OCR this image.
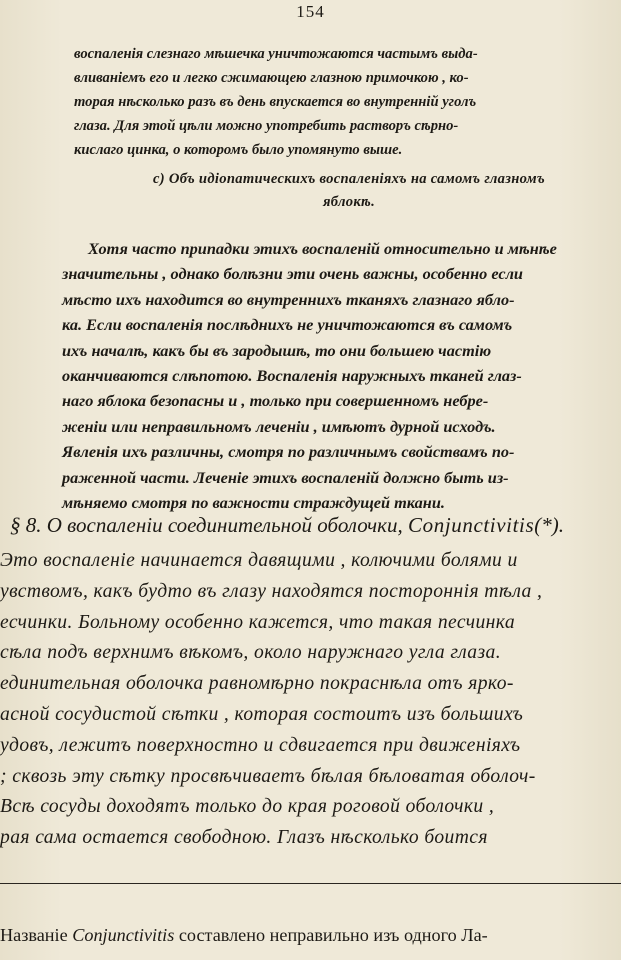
154
воспаленія слезнаго мѣшечка уничтожаются частымъ выда-
вливаніемъ его и легко сжимающею глазною примочкою , ко-
торая нѣсколько разъ въ день впускается во внутренній уголъ
глаза. Для этой цѣли можно употребить растворъ сѣрно-
кислаго цинка, о которомъ было упомянуто выше.
с) Объ идіопатическихъ воспаленіяхъ на самомъ глазномъ
яблокѣ.
Хотя часто припадки этихъ воспаленій относительно и мѣнѣе
значительны , однако болѣзни эти очень важны, особенно если
мѣсто ихъ находится во внутреннихъ тканяхъ глазнаго ябло-
ка. Если воспаленія послѣднихъ не уничтожаются въ самомъ
ихъ началѣ, какъ бы въ зародышѣ, то они большею частію
оканчиваются слѣпотою. Воспаленія наружныхъ тканей глаз-
наго яблока безопасны и , только при совершенномъ небре-
женіи или неправильномъ леченіи , имѣютъ дурной исходъ.
Явленія ихъ различны, смотря по различнымъ свойствамъ по-
раженной части. Леченіе этихъ воспаленій должно быть из-
мѣняемо смотря по важности страждущей ткани.
§ 8. О воспаленіи соединительной оболочки, Conjunctivitis(*).
Это воспаленіе начинается давящими , колючими болями и
увствомъ, какъ будто въ глазу находятся постороннія тѣла ,
есчинки. Больному особенно кажется, что такая песчинка
сѣла подъ верхнимъ вѣкомъ, около наружнаго угла глаза.
единительная оболочка равномѣрно покраснѣла отъ ярко-
асной сосудистой сѣтки , которая состоитъ изъ большихъ
удовъ, лежитъ поверхностно и сдвигается при движеніяхъ
; сквозь эту сѣтку просвѣчиваетъ бѣлая бѣловатая оболоч-
Всѣ сосуды доходятъ только до края роговой оболочки ,
рая сама остается свободною. Глазъ нѣсколько боится
Названіе Conjunctivitis составлено неправильно изъ одного Ла-
